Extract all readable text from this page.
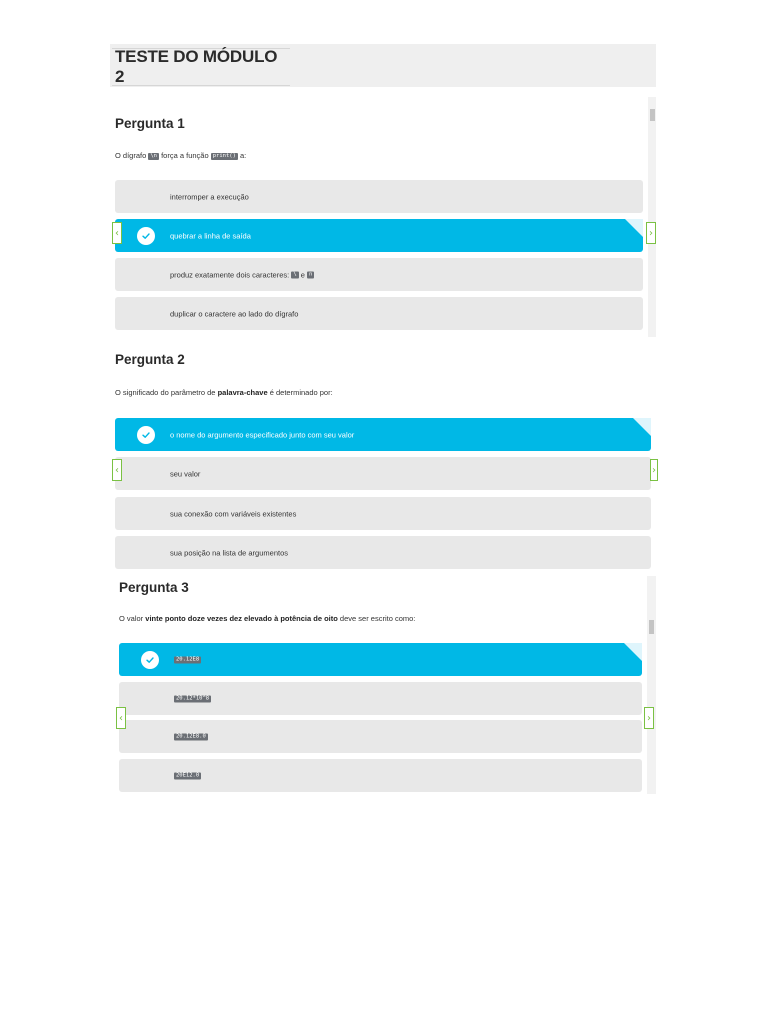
TESTE DO MÓDULO 2
Pergunta 1

O dígrafo \n força a função print() a:

interromper a execução
quebrar a linha de saída
produz exatamente dois caracteres: \ e n
duplicar o caractere ao lado do dígrafo
‹	›
Pergunta 2

O significado do parâmetro de palavra-chave é determinado por:

o nome do argumento especificado junto com seu valor
seu valor
sua conexão com variáveis existentes
sua posição na lista de argumentos
‹	›
Pergunta 3

O valor vinte ponto doze vezes dez elevado à potência de oito deve ser escrito como:

20.12E8
20.12*10^8
20.12E8.0
20E12.0
‹	›
